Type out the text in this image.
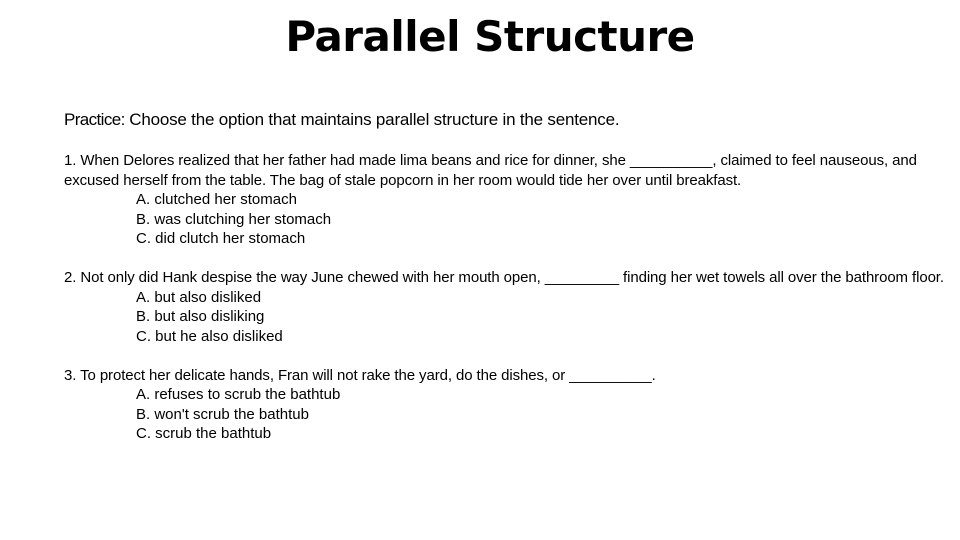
Parallel Structure

Practice: Choose the option that maintains parallel structure in the sentence.

1. When Delores realized that her father had made lima beans and rice for dinner, she __________, claimed to feel nauseous, and excused herself from the table. The bag of stale popcorn in her room would tide her over until breakfast.

A. clutched her stomach
B. was clutching her stomach
C. did clutch her stomach

2. Not only did Hank despise the way June chewed with her mouth open, _________ finding her wet towels all over the bathroom floor.

A. but also disliked
B. but also disliking
C. but he also disliked

3. To protect her delicate hands, Fran will not rake the yard, do the dishes, or __________.

A. refuses to scrub the bathtub
B. won't scrub the bathtub
C. scrub the bathtub
